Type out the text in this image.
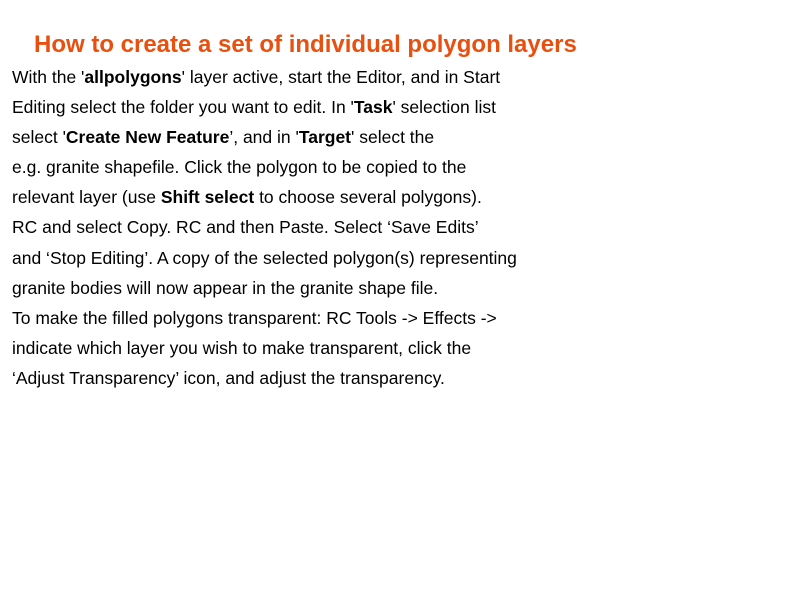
How to create a set of individual polygon layers
With the 'allpolygons' layer active, start the Editor, and in Start
Editing select the folder you want to edit. In 'Task' selection list
select 'Create New Feature’, and in 'Target' select the
e.g. granite shapefile. Click the polygon to be copied to the
relevant layer (use Shift select to choose several polygons).
RC and select Copy. RC and then Paste. Select ‘Save Edits’
and ‘Stop Editing’. A copy of the selected polygon(s) representing
granite bodies will now appear in the granite shape file.
To make the filled polygons transparent: RC Tools -> Effects ->
indicate which layer you wish to make transparent, click the
‘Adjust Transparency’ icon, and adjust the transparency.
